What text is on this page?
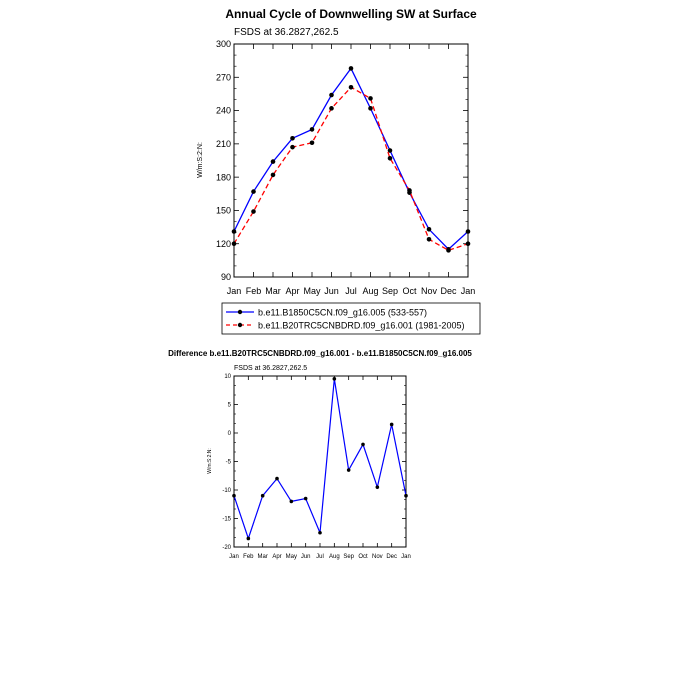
Annual Cycle of Downwelling SW at Surface
FSDS at 36.2827,262.5
W/m:S:2:N:
90
120
150
180
210
240
270
300
Jan Feb Mar Apr May Jun Jul Aug Sep Oct Nov Dec Jan
b.e11.B1850C5CN.f09_g16.005 (533-557)
b.e11.B20TRC5CNBDRD.f09_g16.001 (1981-2005)
Difference b.e11.B20TRC5CNBDRD.f09_g16.001 - b.e11.B1850C5CN.f09_g16.005
FSDS at 36.2827,262.5
W/m:S:2:N:
-20
-15
-10
-5
0
5
10
Jan Feb Mar Apr May Jun Jul Aug Sep Oct Nov Dec Jan
